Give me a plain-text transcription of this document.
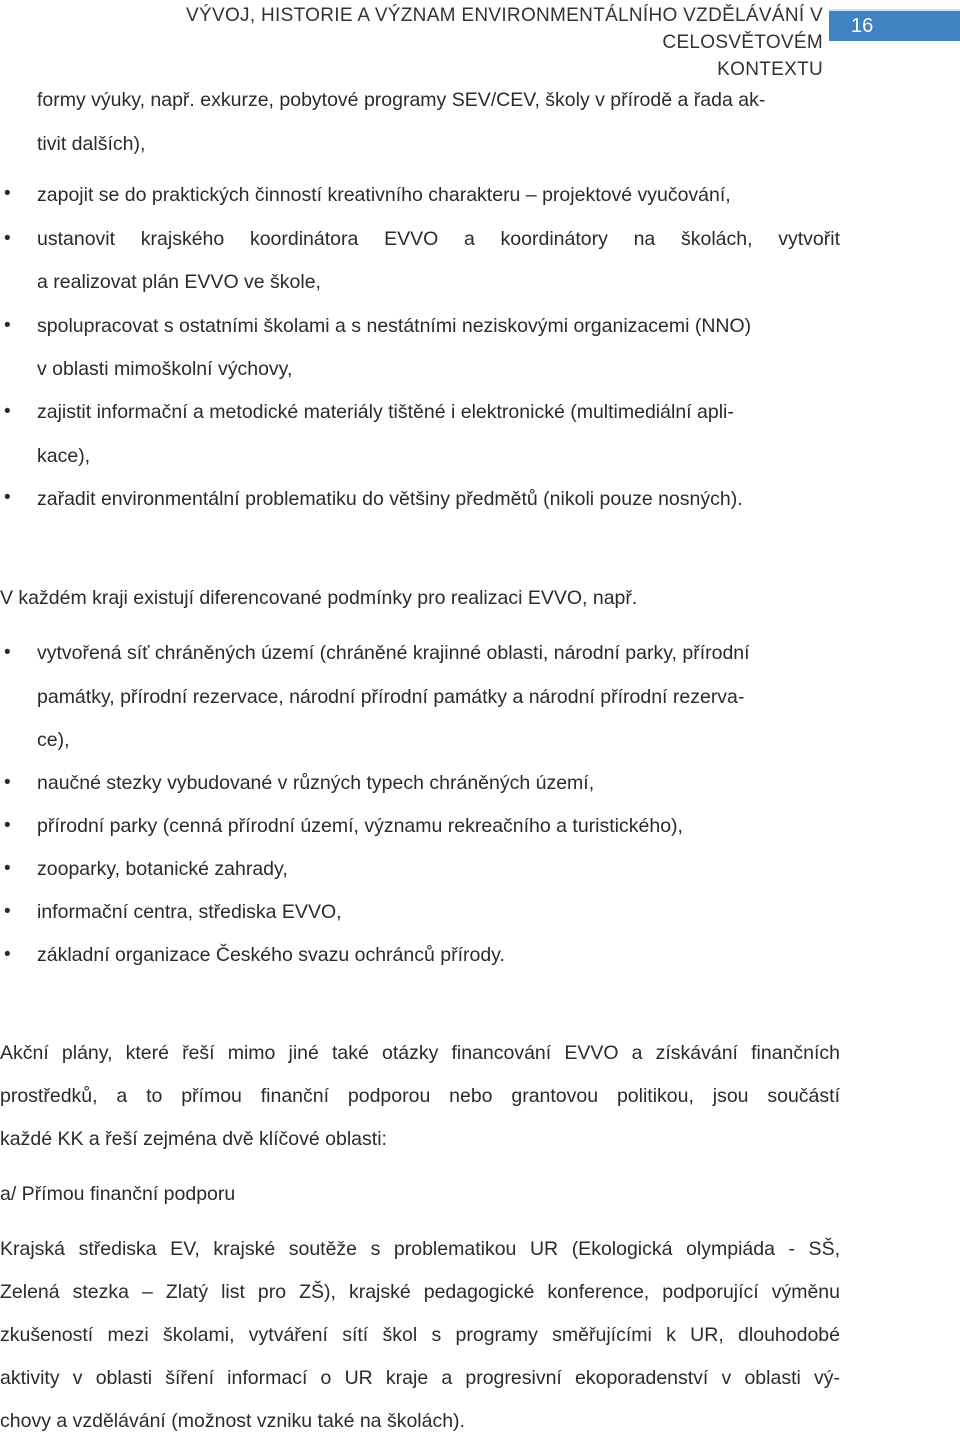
VÝVOJ, HISTORIE A VÝZNAM ENVIRONMENTÁLNÍHO VZDĚLÁVÁNÍ V CELOSVĚTOVÉM
KONTEXTU
16
formy výuky, např. exkurze, pobytové programy SEV/CEV, školy v přírodě a řada ak-
tivit dalších),
• zapojit se do praktických činností kreativního charakteru – projektové vyučování,
• ustanovit krajského koordinátora EVVO a koordinátory na školách, vytvořit
a realizovat plán EVVO ve škole,
• spolupracovat s ostatními školami a s nestátními neziskovými organizacemi (NNO)
v oblasti mimoškolní výchovy,
• zajistit informační a metodické materiály tištěné i elektronické (multimediální apli-
kace),
• zařadit environmentální problematiku do většiny předmětů (nikoli pouze nosných).
V každém kraji existují diferencované podmínky pro realizaci EVVO, např.
• vytvořená síť chráněných území (chráněné krajinné oblasti, národní parky, přírodní
památky, přírodní rezervace, národní přírodní památky a národní přírodní rezerva-
ce),
• naučné stezky vybudované v různých typech chráněných území,
• přírodní parky (cenná přírodní území, významu rekreačního a turistického),
• zooparky, botanické zahrady,
• informační centra, střediska EVVO,
• základní organizace Českého svazu ochránců přírody.
Akční plány, které řeší mimo jiné také otázky financování EVVO a získávání finančních
prostředků, a to přímou finanční podporou nebo grantovou politikou, jsou součástí
každé KK a řeší zejména dvě klíčové oblasti:
a/ Přímou finanční podporu
Krajská střediska EV, krajské soutěže s problematikou UR (Ekologická olympiáda - SŠ,
Zelená stezka – Zlatý list pro ZŠ), krajské pedagogické konference, podporující výměnu
zkušeností mezi školami, vytváření sítí škol s programy směřujícími k UR, dlouhodobé
aktivity v oblasti šíření informací o UR kraje a progresivní ekoporadenství v oblasti vý-
chovy a vzdělávání (možnost vzniku také na školách).
